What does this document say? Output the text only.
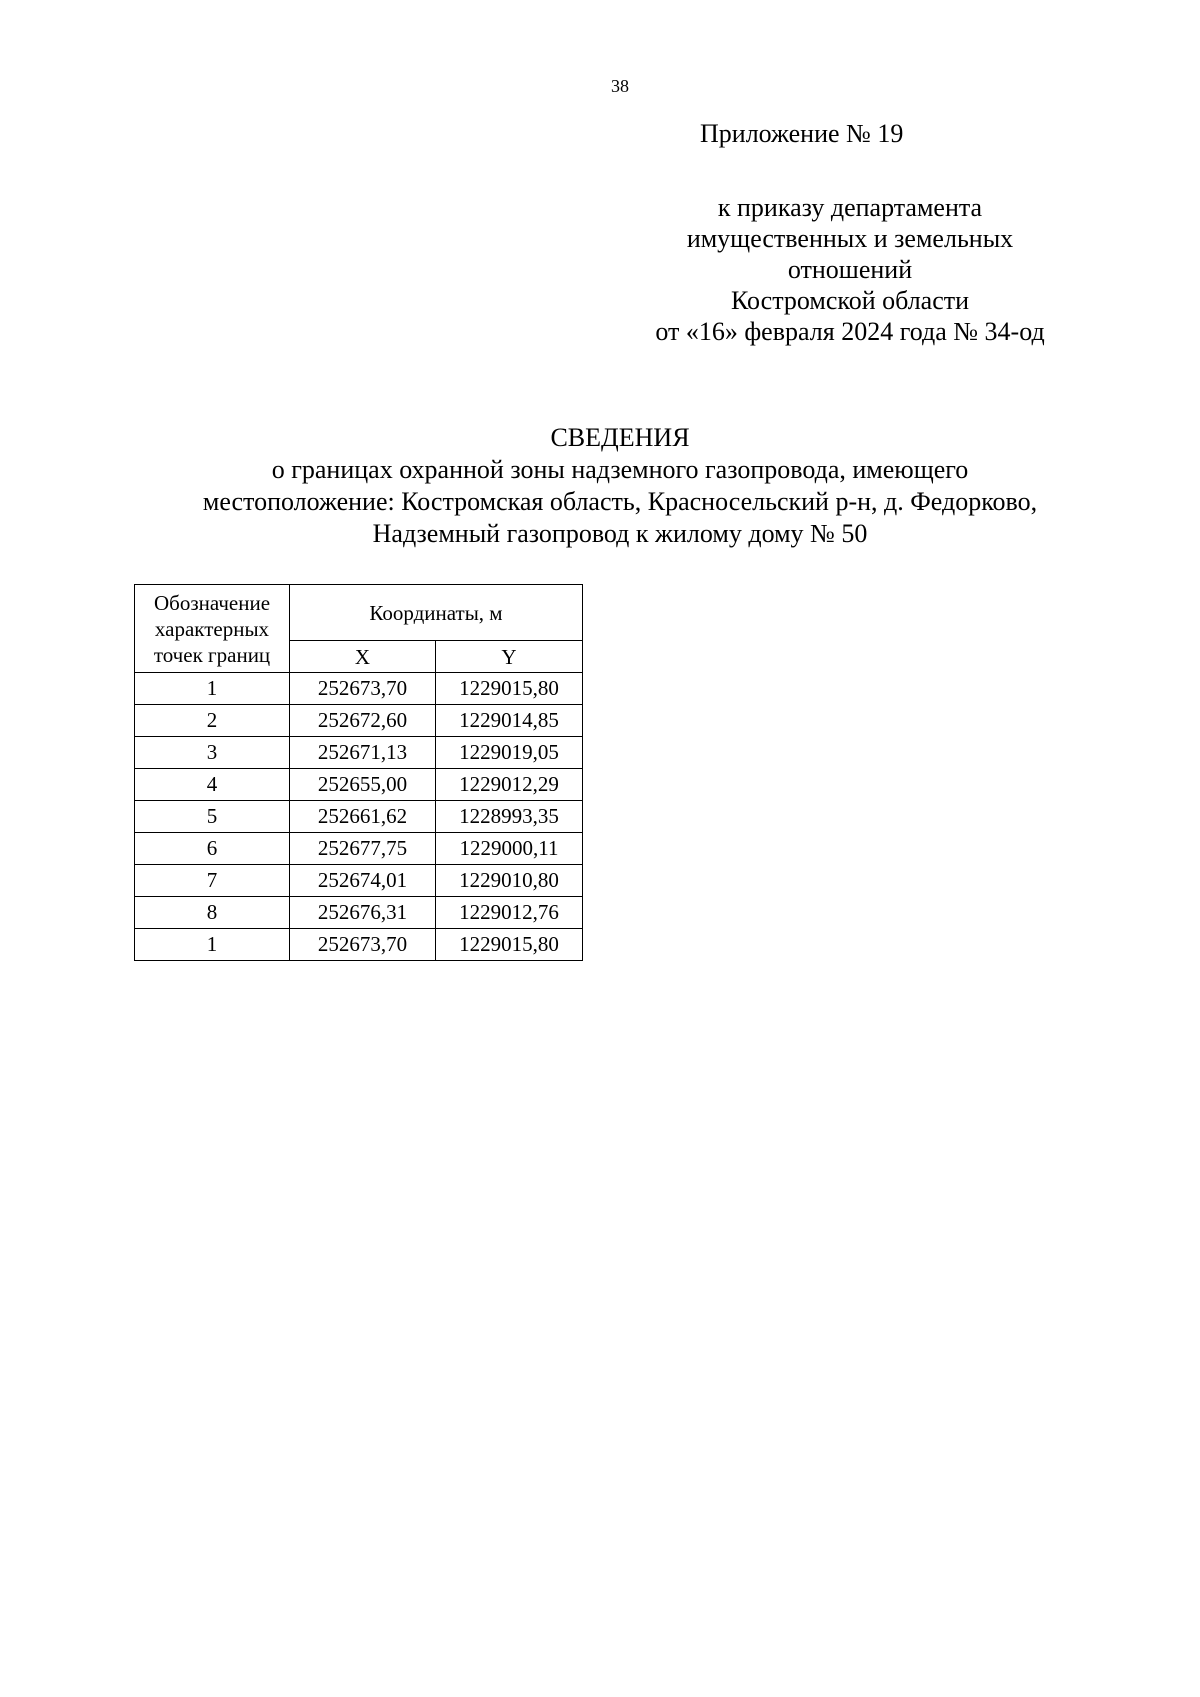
38
Приложение № 19
к приказу департамента
имущественных и земельных
отношений
Костромской области
от «16» февраля 2024 года № 34-од
СВЕДЕНИЯ
о границах охранной зоны надземного газопровода, имеющего
местоположение: Костромская область, Красносельский р-н, д. Федорково,
Надземный газопровод к жилому дому № 50
Обозначение
характерных
точек границ	Координаты, м	
	X	Y
1	252673,70	1229015,80
2	252672,60	1229014,85
3	252671,13	1229019,05
4	252655,00	1229012,29
5	252661,62	1228993,35
6	252677,75	1229000,11
7	252674,01	1229010,80
8	252676,31	1229012,76
1	252673,70	1229015,80
